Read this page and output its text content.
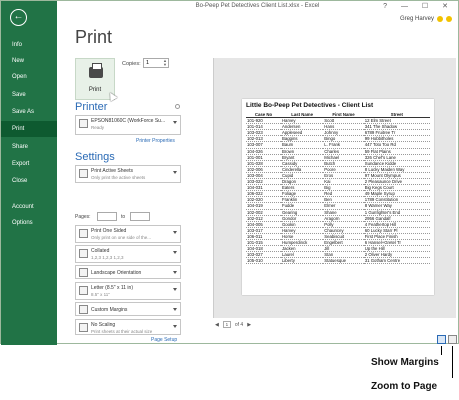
Bo-Peep Pet Detectives Client List.xlsx - Excel	? — ☐ ✕
Greg Harvey
←
Info
New
Open
Save
Save As
Print
Share
Export
Close
Account
Options
Print
Print
Copies: 1	▲
▼
Printer
EPSON81060C (WorkForce Su...
Ready
Printer Properties
Settings
Print Active Sheets
Only print the active sheets
Pages:	to
Print One Sided
Only print on one side of the...
Collated
1,2,3 1,2,3 1,2,3
Landscape Orientation
Letter (8.5" x 11 in)
8.5" x 11"
Custom Margins
No Scaling
Print sheets at their actual size
Page Setup
Little Bo-Peep Pet Detectives - Client List
Case No	Last Name	First Name	Street
101-920	Harvey	Scott	12 Elm Street
101-014	Andersen	Hans	341 The Shadow
103-023	Appleseed	Johnny	6789 Fruitree Tr
102-013	Baggins	Bingo	99 Hobbitholes
103-007	Baum	L. Frank	447 Toto Too Rd
104-026	Brown	Charles	59 Flat Plains
101-001	Bryant	Michael	326 Chef's Lane
101-028	Cassidy	Butch	Sundance Kidde
102-006	Cinderella	Poore	8 Lucky Maiden Way
103-004	Cupid	Eros	97 Mount Olympus
103-022	Dragon	Kai	2 Pleasaunce Drive
104-031	Eaters	Big	Big Kegs Court
106-022	Foliage	Red	49 Maple Syrup
102-020	Franklin	Ben	1789 Constitution
104-019	Fudde	Elmer	8 Warner Way
102-002	Gearing	Shane	1 Gunfighter's End
102-012	Gondor	Aragorn	2956 Gandalf
104-005	Gookin	Polly	4 Feathertop Hill
103-017	Harvey	Chauncey	60 Lucky Starr Pl
106-011	Horse	Seabiscuit	First Place Finish
101-015	Humperdinck	Engelbert	6 Hansel+Gretel Tr
104-018	Jacken	Jill	Up the Hill
103-027	Laurel	Stan	2 Oliver Hardy
105-010	Liberty	Statuesque	31 Gotham Centre
◀	1	of 4 ▶
Show Margins
Zoom to Page
